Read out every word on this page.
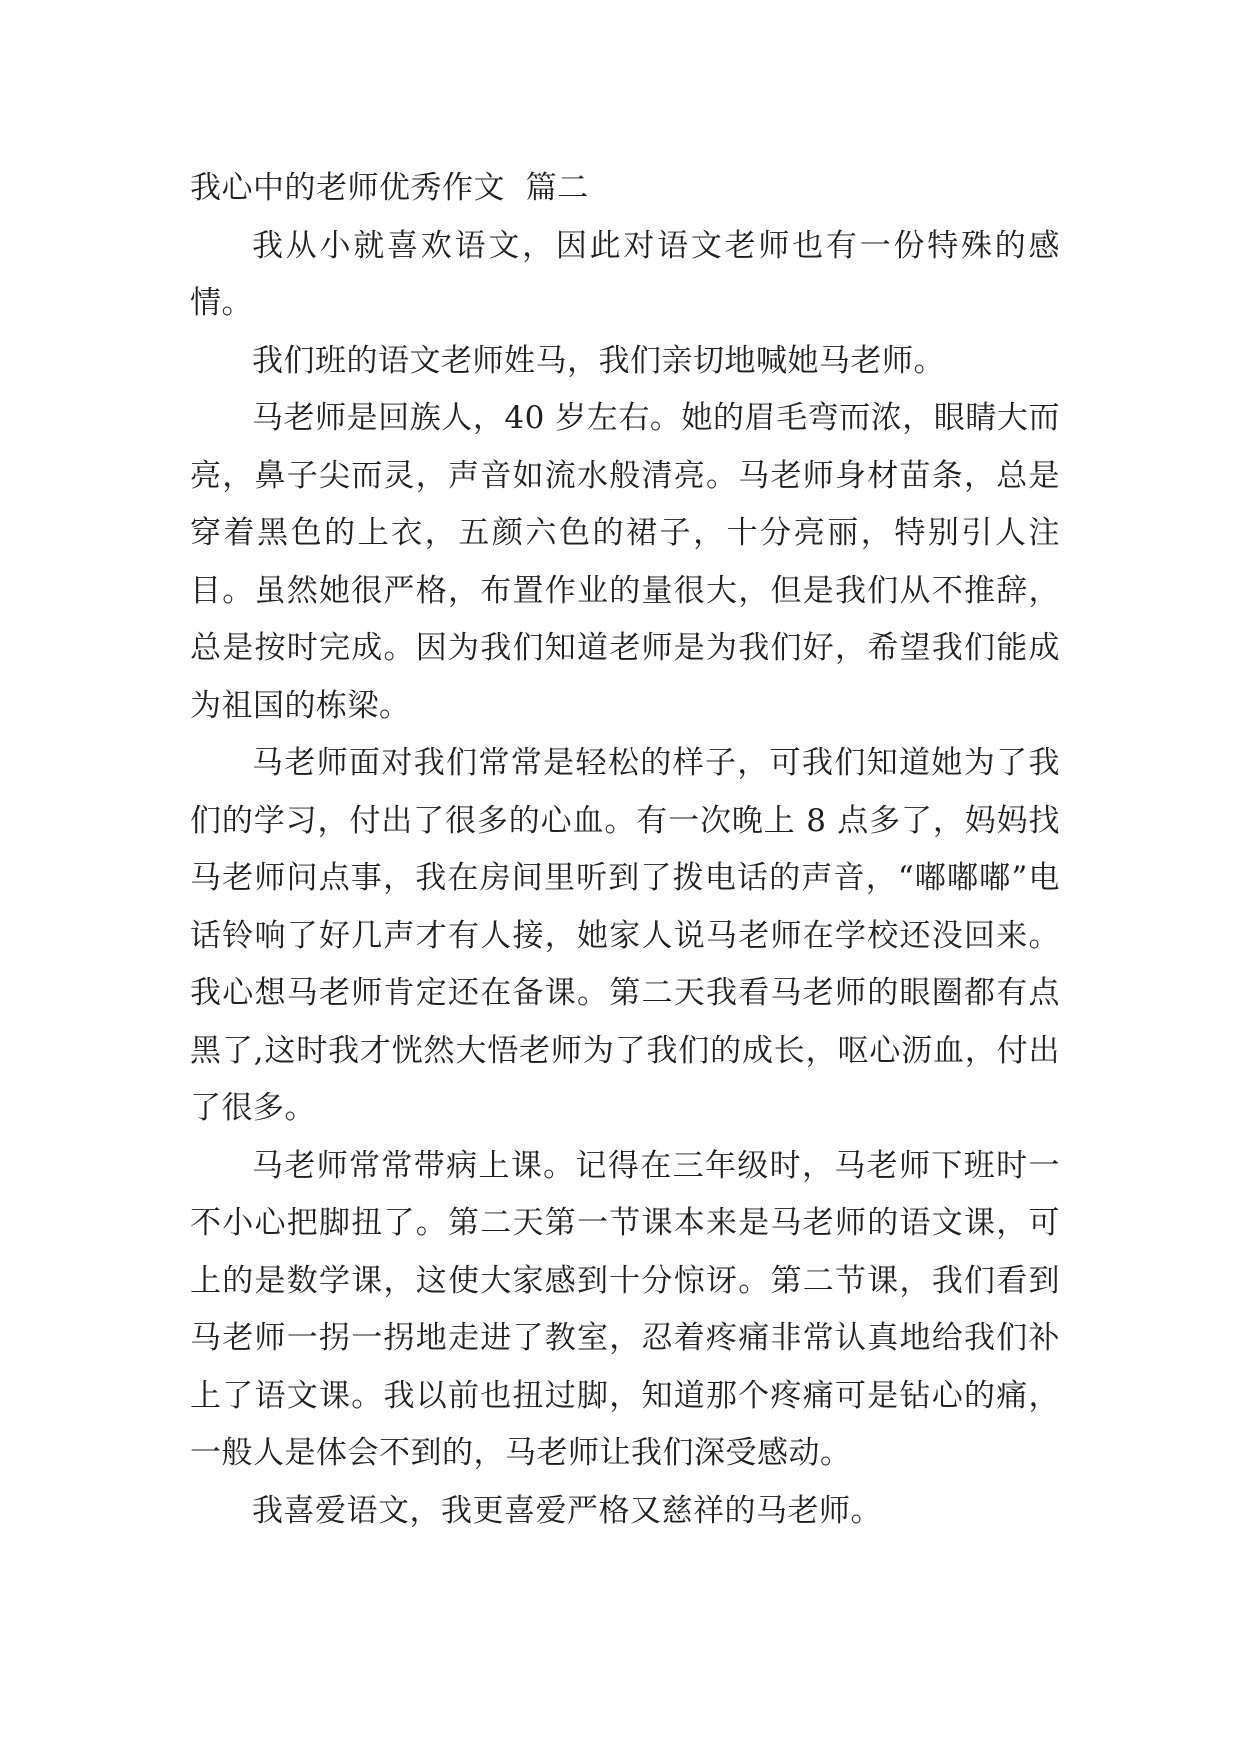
我心中的老师优秀作文  篇二

我从小就喜欢语文，因此对语文老师也有一份特殊的感情。

我们班的语文老师姓马，我们亲切地喊她马老师。

马老师是回族人，40 岁左右。她的眉毛弯而浓，眼睛大而亮，鼻子尖而灵，声音如流水般清亮。马老师身材苗条，总是穿着黑色的上衣，五颜六色的裙子，十分亮丽，特别引人注目。虽然她很严格，布置作业的量很大，但是我们从不推辞，总是按时完成。因为我们知道老师是为我们好，希望我们能成为祖国的栋梁。

马老师面对我们常常是轻松的样子，可我们知道她为了我们的学习，付出了很多的心血。有一次晚上 8 点多了，妈妈找马老师问点事，我在房间里听到了拨电话的声音，“嘟嘟嘟”电话铃响了好几声才有人接，她家人说马老师在学校还没回来。我心想马老师肯定还在备课。第二天我看马老师的眼圈都有点黑了,这时我才恍然大悟老师为了我们的成长，呕心沥血，付出了很多。

马老师常常带病上课。记得在三年级时，马老师下班时一不小心把脚扭了。第二天第一节课本来是马老师的语文课，可上的是数学课，这使大家感到十分惊讶。第二节课，我们看到马老师一拐一拐地走进了教室，忍着疼痛非常认真地给我们补上了语文课。我以前也扭过脚，知道那个疼痛可是钻心的痛，一般人是体会不到的，马老师让我们深受感动。

我喜爱语文，我更喜爱严格又慈祥的马老师。
